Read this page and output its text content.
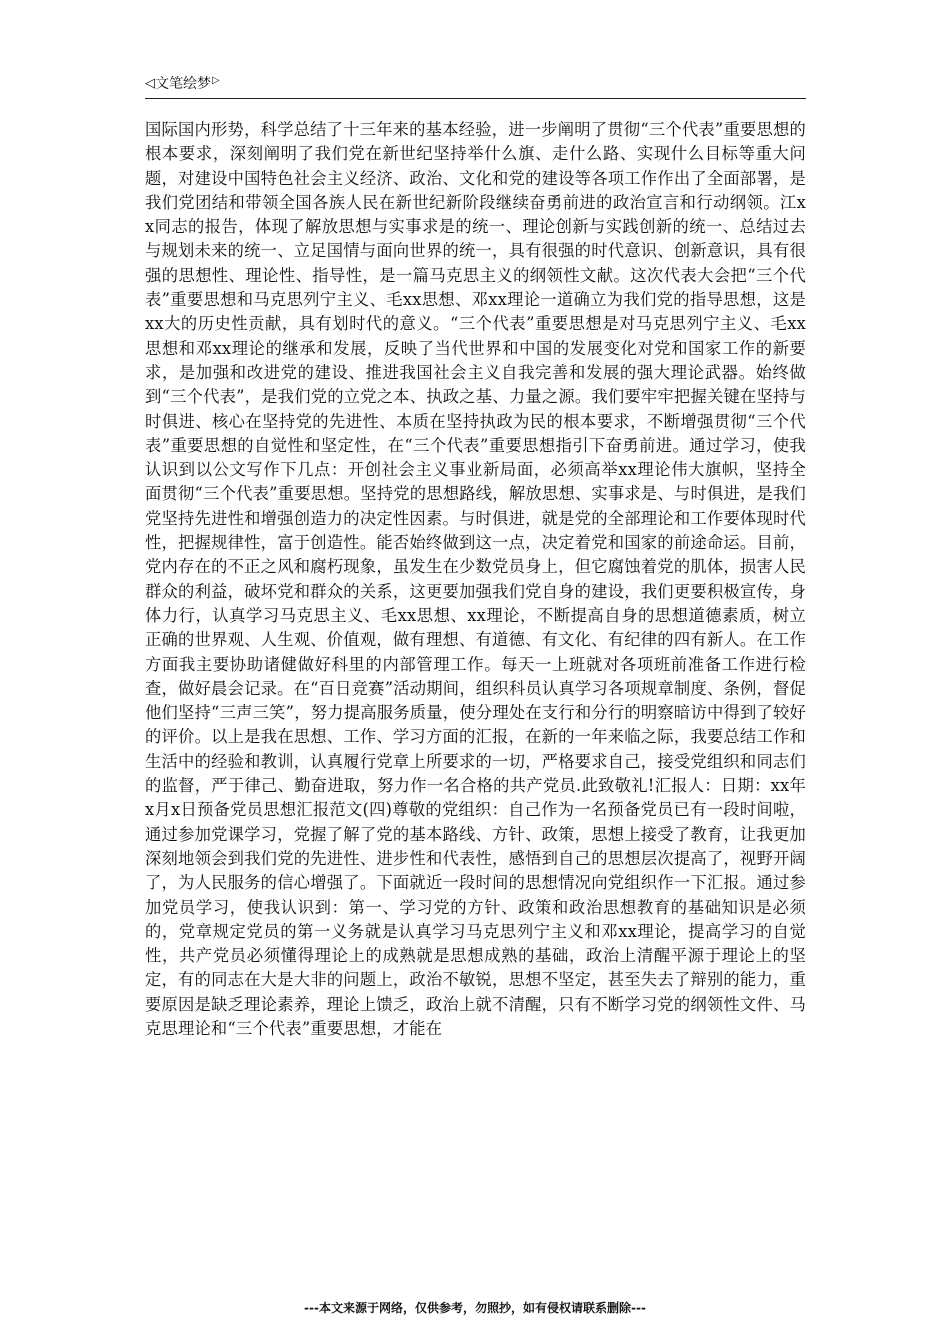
◁ 文笔绘梦 ▷

国际国内形势，科学总结了十三年来的基本经验，进一步阐明了贯彻“三个代表”重要思想的根本要求，深刻阐明了我们党在新世纪坚持举什么旗、走什么路、实现什么目标等重大问题，对建设中国特色社会主义经济、政治、文化和党的建设等各项工作作出了全面部署，是我们党团结和带领全国各族人民在新世纪新阶段继续奋勇前进的政治宣言和行动纲领。江xx同志的报告，体现了解放思想与实事求是的统一、理论创新与实践创新的统一、总结过去与规划未来的统一、立足国情与面向世界的统一，具有很强的时代意识、创新意识，具有很强的思想性、理论性、指导性，是一篇马克思主义的纲领性文献。这次代表大会把“三个代表”重要思想和马克思列宁主义、毛xx思想、邓xx理论一道确立为我们党的指导思想，这是xx大的历史性贡献，具有划时代的意义。“三个代表”重要思想是对马克思列宁主义、毛xx思想和邓xx理论的继承和发展，反映了当代世界和中国的发展变化对党和国家工作的新要求，是加强和改进党的建设、推进我国社会主义自我完善和发展的强大理论武器。始终做到“三个代表”，是我们党的立党之本、执政之基、力量之源。我们要牢牢把握关键在坚持与时俱进、核心在坚持党的先进性、本质在坚持执政为民的根本要求，不断增强贯彻“三个代表”重要思想的自觉性和坚定性，在“三个代表”重要思想指引下奋勇前进。通过学习，使我认识到以公文写作下几点：开创社会主义事业新局面，必须高举xx理论伟大旗帜，坚持全面贯彻“三个代表”重要思想。坚持党的思想路线，解放思想、实事求是、与时俱进，是我们党坚持先进性和增强创造力的决定性因素。与时俱进，就是党的全部理论和工作要体现时代性，把握规律性，富于创造性。能否始终做到这一点，决定着党和国家的前途命运。目前，党内存在的不正之风和腐朽现象，虽发生在少数党员身上，但它腐蚀着党的肌体，损害人民群众的利益，破坏党和群众的关系，这更要加强我们党自身的建设，我们更要积极宣传，身体力行，认真学习马克思主义、毛xx思想、xx理论，不断提高自身的思想道德素质，树立正确的世界观、人生观、价值观，做有理想、有道德、有文化、有纪律的四有新人。在工作方面我主要协助诸健做好科里的内部管理工作。每天一上班就对各项班前准备工作进行检查，做好晨会记录。在“百日竞赛”活动期间，组织科员认真学习各项规章制度、条例，督促他们坚持“三声三笑”，努力提高服务质量，使分理处在支行和分行的明察暗访中得到了较好的评价。以上是我在思想、工作、学习方面的汇报，在新的一年来临之际，我要总结工作和生活中的经验和教训，认真履行党章上所要求的一切，严格要求自己，接受党组织和同志们的监督，严于律己、勤奋进取，努力作一名合格的共产党员.此致敬礼!汇报人：日期：xx年x月x日预备党员思想汇报范文(四)尊敬的党组织：自己作为一名预备党员已有一段时间啦，通过参加党课学习，党握了解了党的基本路线、方针、政策，思想上接受了教育，让我更加深刻地领会到我们党的先进性、进步性和代表性，感悟到自己的思想层次提高了，视野开阔了，为人民服务的信心增强了。下面就近一段时间的思想情况向党组织作一下汇报。通过参加党员学习，使我认识到：第一、学习党的方针、政策和政治思想教育的基础知识是必须的，党章规定党员的第一义务就是认真学习马克思列宁主义和邓xx理论，提高学习的自觉性，共产党员必须懂得理论上的成熟就是思想成熟的基础，政治上清醒平源于理论上的坚定，有的同志在大是大非的问题上，政治不敏锐，思想不坚定，甚至失去了辩别的能力，重要原因是缺乏理论素养，理论上馈乏，政治上就不清醒，只有不断学习党的纲领性文件、马克思理论和“三个代表”重要思想，才能在

---本文来源于网络，仅供参考，勿照抄，如有侵权请联系删除---
